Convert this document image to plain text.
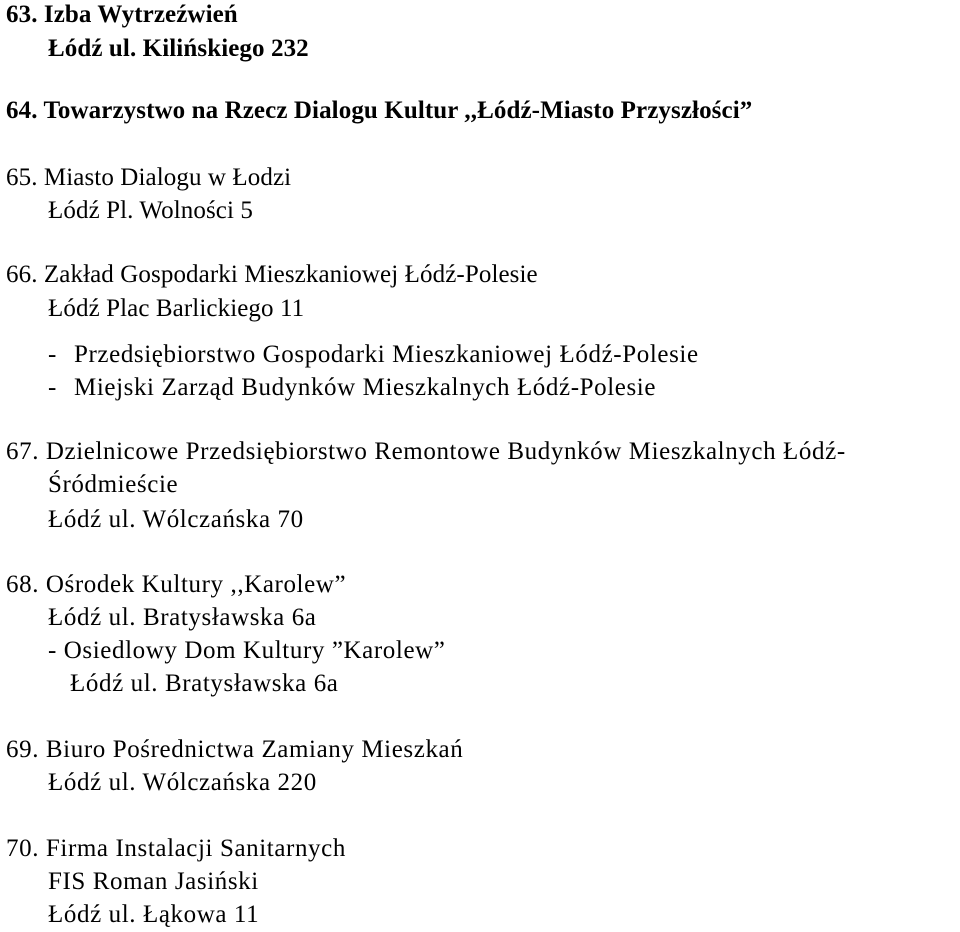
63. Izba Wytrzeźwień
Łódź ul. Kilińskiego 232
64. Towarzystwo na Rzecz Dialogu Kultur ,,Łódź-Miasto Przyszłości”
65. Miasto Dialogu w Łodzi
Łódź Pl. Wolności 5
66. Zakład Gospodarki Mieszkaniowej Łódź-Polesie
Łódź Plac Barlickiego 11
- Przedsiębiorstwo Gospodarki Mieszkaniowej Łódź-Polesie
- Miejski Zarząd Budynków Mieszkalnych Łódź-Polesie
67. Dzielnicowe Przedsiębiorstwo Remontowe Budynków Mieszkalnych Łódź-
Śródmieście
Łódź ul. Wólczańska 70
68. Ośrodek Kultury ,,Karolew”
Łódź ul. Bratysławska 6a
- Osiedlowy Dom Kultury ”Karolew”
Łódź ul. Bratysławska 6a
69. Biuro Pośrednictwa Zamiany Mieszkań
Łódź ul. Wólczańska 220
70. Firma Instalacji Sanitarnych
FIS Roman Jasiński
Łódź ul. Łąkowa 11
